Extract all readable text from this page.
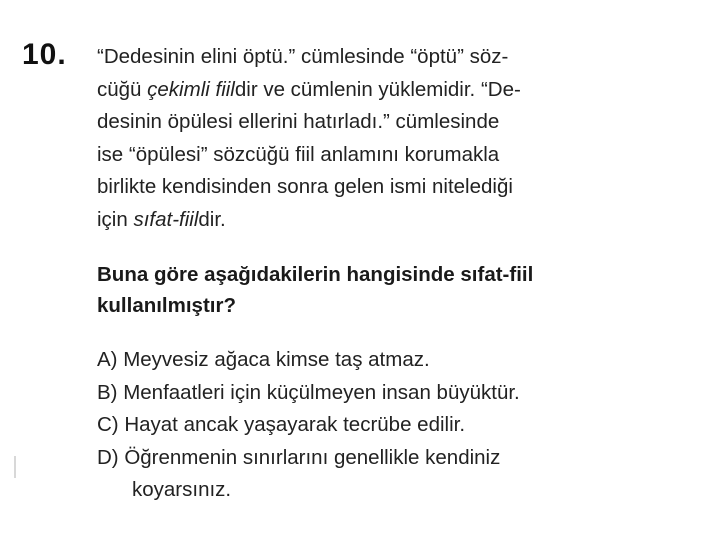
10. “Dedesinin elini öptü.” cümlesinde “öptü” söz-

cüğü çekimli fiildir ve cümlenin yüklemidir. “De-

desinin öpülesi ellerini hatırladı.” cümlesinde

ise “öpülesi” sözcüğü fiil anlamını korumakla

birlikte kendisinden sonra gelen ismi nitelediği

için sıfat-fiildir.

Buna göre aşağıdakilerin hangisinde sıfat-fiil

kullanılmıştır?

A) Meyvesiz ağaca kimse taş atmaz.
B) Menfaatleri için küçülmeyen insan büyüktür.
C) Hayat ancak yaşayarak tecrübe edilir.
D) Öğrenmenin sınırlarını genellikle kendiniz
koyarsınız.
